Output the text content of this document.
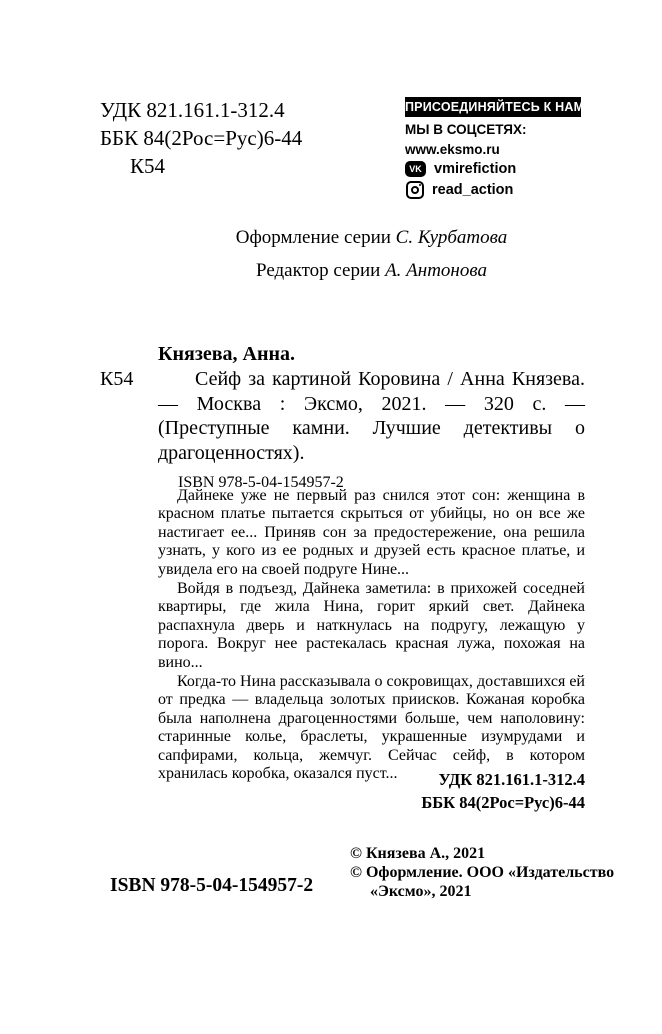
УДК 821.161.1-312.4
ББК 84(2Рос=Рус)6-44
К54
ПРИСОЕДИНЯЙТЕСЬ К НАМ!
МЫ В СОЦСЕТЯХ:
www.eksmo.ru
VK vmirefiction
read_action
Оформление серии С. Курбатова
Редактор серии А. Антонова
Князева, Анна.
К54	Сейф за картиной Коровина / Анна Князева. — Москва : Эксмо, 2021. — 320 с. — (Преступные камни. Лучшие детективы о драгоценностях).

ISBN 978-5-04-154957-2

Дайнеке уже не первый раз снился этот сон: женщина в красном платье пытается скрыться от убийцы, но он все же настигает ее... Приняв сон за предостережение, она решила узнать, у кого из ее родных и друзей есть красное платье, и увидела его на своей подруге Нине...

Войдя в подъезд, Дайнека заметила: в прихожей соседней квартиры, где жила Нина, горит яркий свет. Дайнека распахнула дверь и наткнулась на подругу, лежащую у порога. Вокруг нее растекалась красная лужа, похожая на вино...

Когда-то Нина рассказывала о сокровищах, доставшихся ей от предка — владельца золотых приисков. Кожаная коробка была наполнена драгоценностями больше, чем наполовину: старинные колье, браслеты, украшенные изумрудами и сапфирами, кольца, жемчуг. Сейчас сейф, в котором хранилась коробка, оказался пуст...	УДК 821.161.1-312.4
ББК 84(2Рос=Рус)6-44
© Князева А., 2021
© Оформление. ООО «Издательство
«Эксмо», 2021
ISBN 978-5-04-154957-2
